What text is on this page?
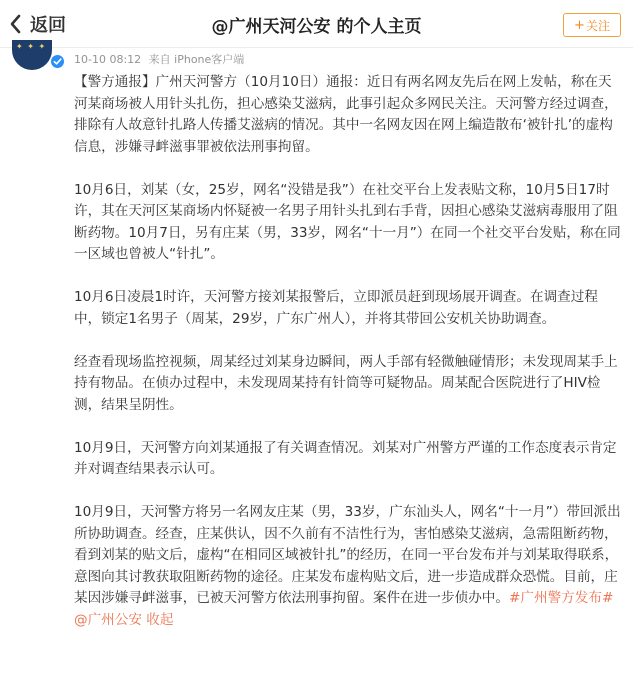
返回	@广州天河公安 的个人主页	+ 关注
✦ ✦ ✦
10-10 08:12 来自 iPhone客户端

【警方通报】广州天河警方（10月10日）通报：近日有两名网友先后在网上发帖，称在天河某商场被人用针头扎伤，担心感染艾滋病，此事引起众多网民关注。天河警方经过调查，排除有人故意针扎路人传播艾滋病的情况。其中一名网友因在网上编造散布‘被针扎’的虚构信息，涉嫌寻衅滋事罪被依法刑事拘留。

10月6日，刘某（女，25岁，网名“没错是我”）在社交平台上发表贴文称，10月5日17时许，其在天河区某商场内怀疑被一名男子用针头扎到右手背，因担心感染艾滋病毒服用了阻断药物。10月7日，另有庄某（男，33岁，网名“十一月”）在同一个社交平台发贴，称在同一区域也曾被人“针扎”。

10月6日凌晨1时许，天河警方接刘某报警后，立即派员赶到现场展开调查。在调查过程中，锁定1名男子（周某，29岁，广东广州人），并将其带回公安机关协助调查。

经查看现场监控视频，周某经过刘某身边瞬间，两人手部有轻微触碰情形；未发现周某手上持有物品。在侦办过程中，未发现周某持有针筒等可疑物品。周某配合医院进行了HIV检测，结果呈阴性。

10月9日，天河警方向刘某通报了有关调查情况。刘某对广州警方严谨的工作态度表示肯定并对调查结果表示认可。

10月9日，天河警方将另一名网友庄某（男，33岁，广东汕头人，网名“十一月”）带回派出所协助调查。经查，庄某供认，因不久前有不洁性行为，害怕感染艾滋病，急需阻断药物，看到刘某的贴文后，虚构“在相同区域被针扎”的经历，在同一平台发布并与刘某取得联系，意图向其讨教获取阻断药物的途径。庄某发布虚构贴文后，进一步造成群众恐慌。目前，庄某因涉嫌寻衅滋事，已被天河警方依法刑事拘留。案件在进一步侦办中。#广州警方发布# @广州公安 收起
